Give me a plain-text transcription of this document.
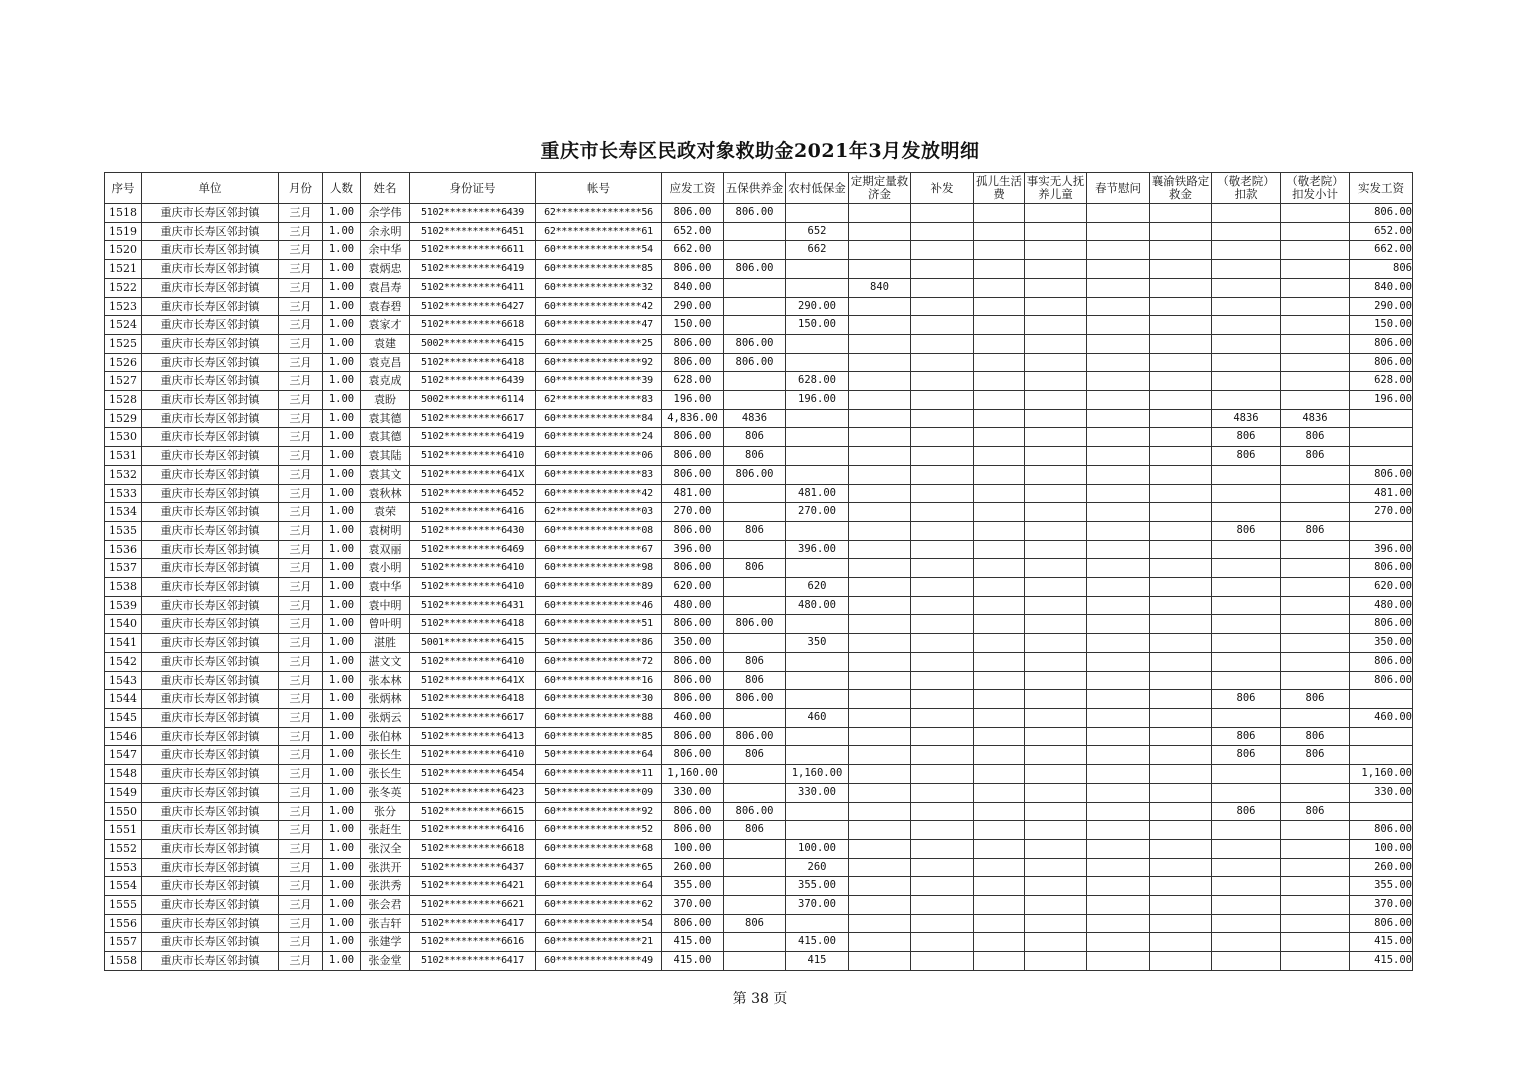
重庆市长寿区民政对象救助金2021年3月发放明细
序号	单位	月份	人数	姓名	身份证号	帐号	应发工资	五保供养金	农村低保金	定期定量救济金	补发	孤儿生活费	事实无人抚养儿童	春节慰问	襄渝铁路定救金	（敬老院）扣款	（敬老院）扣发小计	实发工资
1518	重庆市长寿区邻封镇	三月	1.00	余学伟	5102**********6439	62***************56	806.00	806.00										806.00
1519	重庆市长寿区邻封镇	三月	1.00	余永明	5102**********6451	62***************61	652.00		652									652.00
1520	重庆市长寿区邻封镇	三月	1.00	余中华	5102**********6611	60***************54	662.00		662									662.00
1521	重庆市长寿区邻封镇	三月	1.00	袁炳忠	5102**********6419	60***************85	806.00	806.00										806
1522	重庆市长寿区邻封镇	三月	1.00	袁昌寿	5102**********6411	60***************32	840.00			840								840.00
1523	重庆市长寿区邻封镇	三月	1.00	袁春碧	5102**********6427	60***************42	290.00		290.00									290.00
1524	重庆市长寿区邻封镇	三月	1.00	袁家才	5102**********6618	60***************47	150.00		150.00									150.00
1525	重庆市长寿区邻封镇	三月	1.00	袁建	5002**********6415	60***************25	806.00	806.00										806.00
1526	重庆市长寿区邻封镇	三月	1.00	袁克昌	5102**********6418	60***************92	806.00	806.00										806.00
1527	重庆市长寿区邻封镇	三月	1.00	袁克成	5102**********6439	60***************39	628.00		628.00									628.00
1528	重庆市长寿区邻封镇	三月	1.00	袁盼	5002**********6114	62***************83	196.00		196.00									196.00
1529	重庆市长寿区邻封镇	三月	1.00	袁其德	5102**********6617	60***************84	4,836.00	4836								4836	4836	
1530	重庆市长寿区邻封镇	三月	1.00	袁其德	5102**********6419	60***************24	806.00	806								806	806	
1531	重庆市长寿区邻封镇	三月	1.00	袁其陆	5102**********6410	60***************06	806.00	806								806	806	
1532	重庆市长寿区邻封镇	三月	1.00	袁其文	5102**********641X	60***************83	806.00	806.00										806.00
1533	重庆市长寿区邻封镇	三月	1.00	袁秋林	5102**********6452	60***************42	481.00		481.00									481.00
1534	重庆市长寿区邻封镇	三月	1.00	袁荣	5102**********6416	62***************03	270.00		270.00									270.00
1535	重庆市长寿区邻封镇	三月	1.00	袁树明	5102**********6430	60***************08	806.00	806								806	806	
1536	重庆市长寿区邻封镇	三月	1.00	袁双丽	5102**********6469	60***************67	396.00		396.00									396.00
1537	重庆市长寿区邻封镇	三月	1.00	袁小明	5102**********6410	60***************98	806.00	806										806.00
1538	重庆市长寿区邻封镇	三月	1.00	袁中华	5102**********6410	60***************89	620.00		620									620.00
1539	重庆市长寿区邻封镇	三月	1.00	袁中明	5102**********6431	60***************46	480.00		480.00									480.00
1540	重庆市长寿区邻封镇	三月	1.00	曾叶明	5102**********6418	60***************51	806.00	806.00										806.00
1541	重庆市长寿区邻封镇	三月	1.00	湛胜	5001**********6415	50***************86	350.00		350									350.00
1542	重庆市长寿区邻封镇	三月	1.00	湛文文	5102**********6410	60***************72	806.00	806										806.00
1543	重庆市长寿区邻封镇	三月	1.00	张本林	5102**********641X	60***************16	806.00	806										806.00
1544	重庆市长寿区邻封镇	三月	1.00	张炳林	5102**********6418	60***************30	806.00	806.00								806	806	
1545	重庆市长寿区邻封镇	三月	1.00	张炳云	5102**********6617	60***************88	460.00		460									460.00
1546	重庆市长寿区邻封镇	三月	1.00	张伯林	5102**********6413	60***************85	806.00	806.00								806	806	
1547	重庆市长寿区邻封镇	三月	1.00	张长生	5102**********6410	50***************64	806.00	806								806	806	
1548	重庆市长寿区邻封镇	三月	1.00	张长生	5102**********6454	60***************11	1,160.00		1,160.00									1,160.00
1549	重庆市长寿区邻封镇	三月	1.00	张冬英	5102**********6423	50***************09	330.00		330.00									330.00
1550	重庆市长寿区邻封镇	三月	1.00	张分	5102**********6615	60***************92	806.00	806.00								806	806	
1551	重庆市长寿区邻封镇	三月	1.00	张赶生	5102**********6416	60***************52	806.00	806										806.00
1552	重庆市长寿区邻封镇	三月	1.00	张汉全	5102**********6618	60***************68	100.00		100.00									100.00
1553	重庆市长寿区邻封镇	三月	1.00	张洪开	5102**********6437	60***************65	260.00		260									260.00
1554	重庆市长寿区邻封镇	三月	1.00	张洪秀	5102**********6421	60***************64	355.00		355.00									355.00
1555	重庆市长寿区邻封镇	三月	1.00	张会君	5102**********6621	60***************62	370.00		370.00									370.00
1556	重庆市长寿区邻封镇	三月	1.00	张吉轩	5102**********6417	60***************54	806.00	806										806.00
1557	重庆市长寿区邻封镇	三月	1.00	张建学	5102**********6616	60***************21	415.00		415.00									415.00
1558	重庆市长寿区邻封镇	三月	1.00	张金堂	5102**********6417	60***************49	415.00		415									415.00
第 38 页
